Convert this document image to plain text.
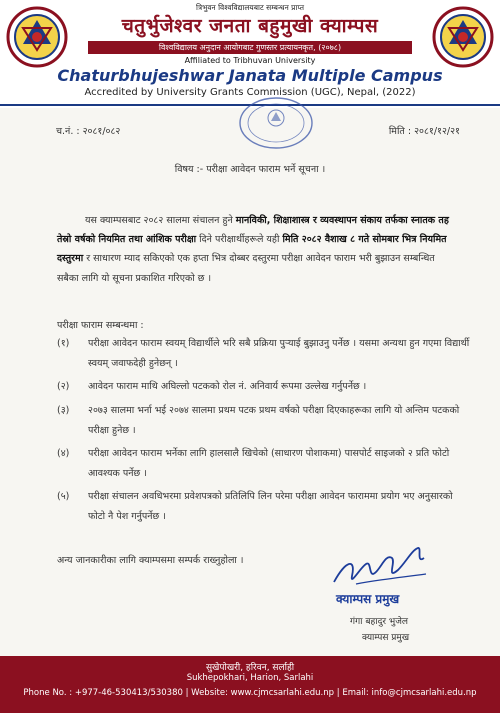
त्रिभुवन विश्वविद्यालयबाट सम्बन्धन प्राप्त
चतुर्भुजेश्वर जनता बहुमुखी क्याम्पस
विश्वविद्यालय अनुदान आयोगबाट गुणस्तर प्रत्यायनकृत, (२०७८)
Affiliated to Tribhuvan University
Chaturbhujeshwar Janata Multiple Campus
Accredited by University Grants Commission (UGC), Nepal, (2022)
च.नं. : २०८१/०८२	मिति : २०८१/१२/२१
विषय :- परीक्षा आवेदन फाराम भर्ने सूचना ।
यस क्याम्पसबाट २०८२ सालमा संचालन हुने मानविकी, शिक्षाशास्त्र र व्यवस्थापन संकाय तर्फका स्नातक तह तेस्रो वर्षको नियमित तथा आंशिक परीक्षा दिने परीक्षार्थीहरूले यही मिति २०८२ वैशाख ८ गते सोमबार भित्र नियमित दस्तुरमा र साधारण म्याद सकिएको एक हप्ता भित्र दोब्बर दस्तुरमा परीक्षा आवेदन फाराम भरी बुझाउन सम्बन्धित सबैका लागि यो सूचना प्रकाशित गरिएको छ ।
परीक्षा फाराम सम्बन्धमा :
(१)	परीक्षा आवेदन फाराम स्वयम् विद्यार्थीले भरि सबै प्रक्रिया पुऱ्याई बुझाउनु पर्नेछ । यसमा अन्यथा हुन गएमा विद्यार्थी स्वयम् जवाफदेही हुनेछन् ।
(२)	आवेदन फाराम माथि अघिल्लो पटकको रोल नं. अनिवार्य रूपमा उल्लेख गर्नुपर्नेछ ।
(३)	२०७३ सालमा भर्ना भई २०७४ सालमा प्रथम पटक प्रथम वर्षको परीक्षा दिएकाहरूका लागि यो अन्तिम पटकको परीक्षा हुनेछ ।
(४)	परीक्षा आवेदन फाराम भर्नेका लागि हालसालै खिचेको (साधारण पोशाकमा) पासपोर्ट साइजको २ प्रति फोटो आवश्यक पर्नेछ ।
(५)	परीक्षा संचालन अवधिभरमा प्रवेशपत्रको प्रतिलिपि लिन परेमा परीक्षा आवेदन फाराममा प्रयोग भए अनुसारको फोटो नै पेश गर्नुपर्नेछ ।
अन्य जानकारीका लागि क्याम्पसमा सम्पर्क राख्नुहोला ।
क्याम्पस प्रमुख
गंगा बहादुर भुजेल
क्याम्पस प्रमुख
सुखेपोखरी, हरिवन, सर्लाही
Sukhepokhari, Harion, Sarlahi
Phone No. : +977-46-530413/530380 | Website: www.cjmcsarlahi.edu.np | Email: info@cjmcsarlahi.edu.np
